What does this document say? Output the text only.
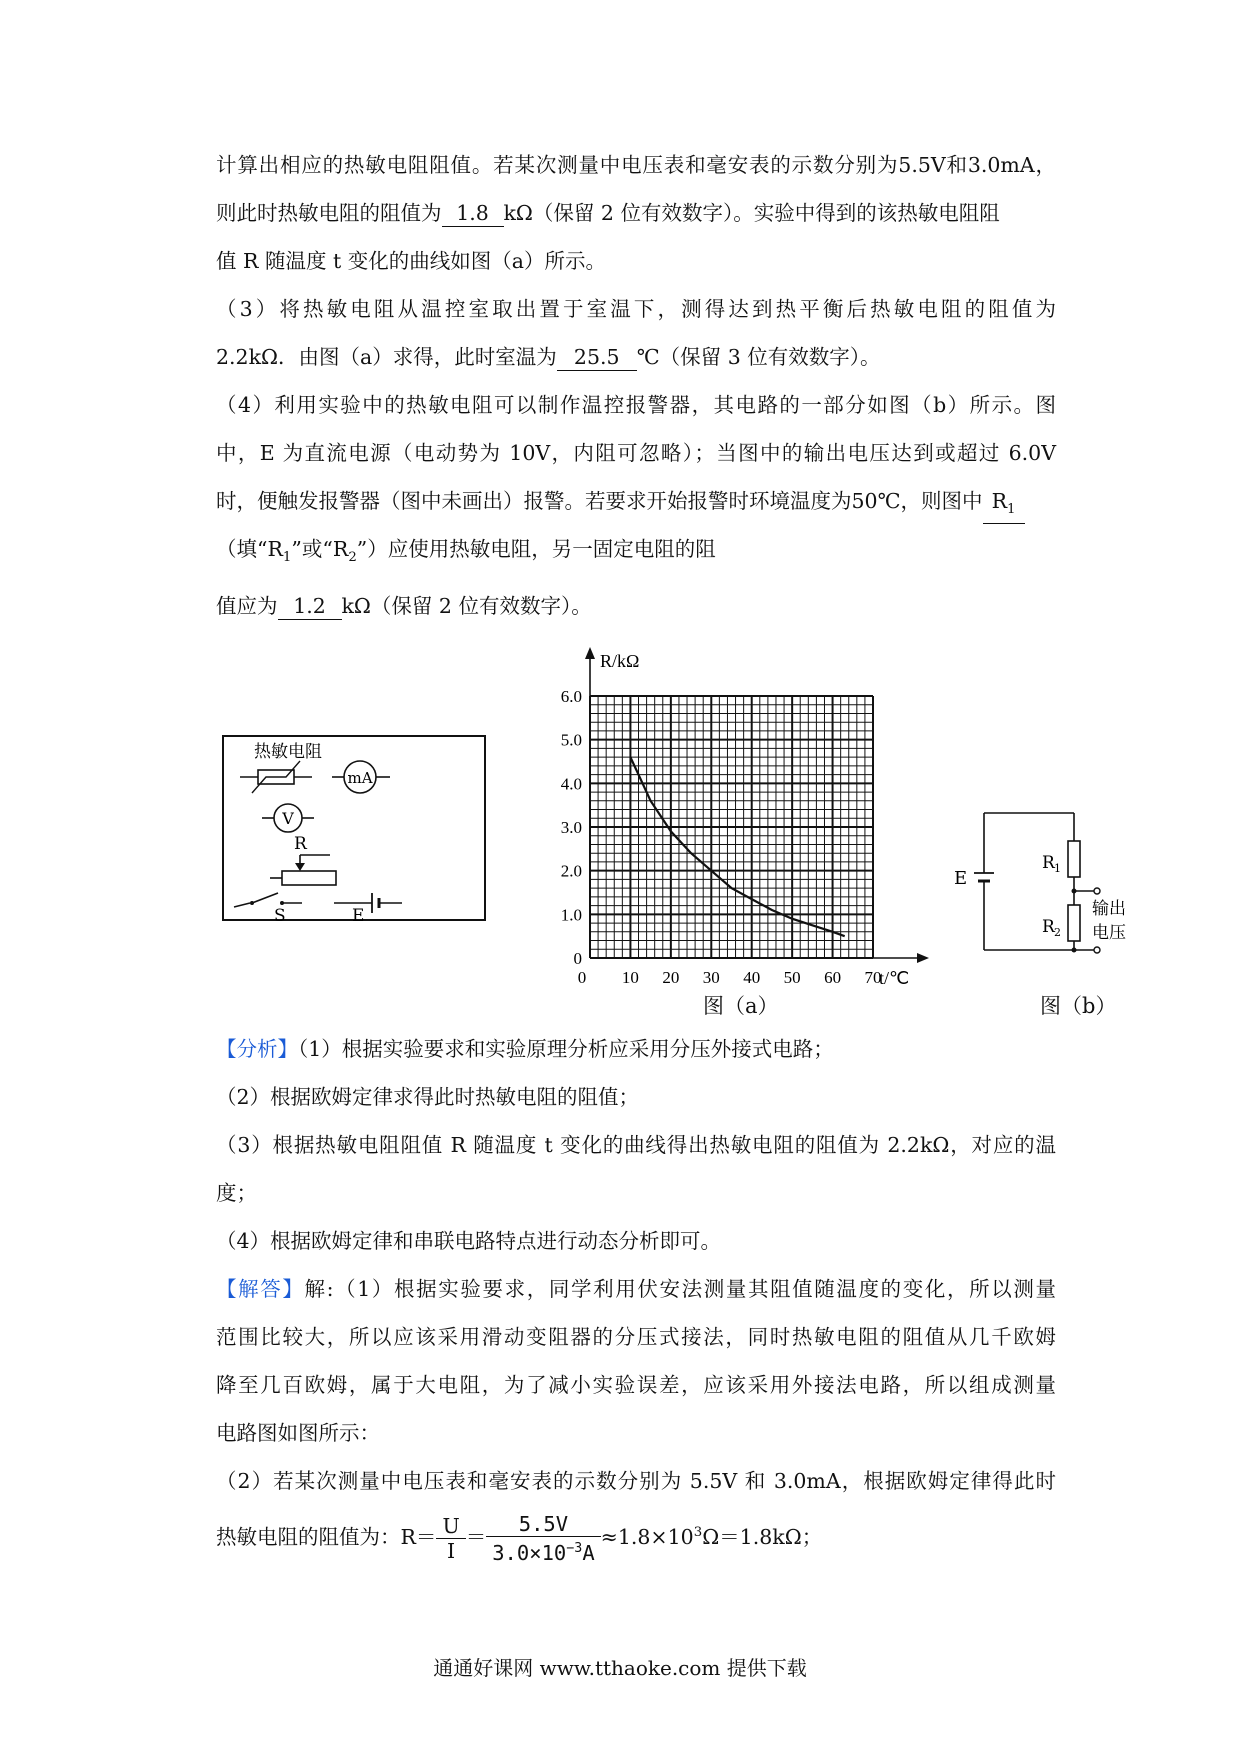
计算出相应的热敏电阻阻值。若某次测量中电压表和毫安表的示数分别为5.5V和3.0mA，

则此时热敏电阻的阻值为 1.8 kΩ（保留 2 位有效数字）。实验中得到的该热敏电阻阻

值 R 随温度 t 变化的曲线如图（a）所示。

（3）将热敏电阻从温控室取出置于室温下，测得达到热平衡后热敏电阻的阻值为

2.2kΩ．由图（a）求得，此时室温为 25.5 ℃（保留 3 位有效数字）。

（4）利用实验中的热敏电阻可以制作温控报警器，其电路的一部分如图（b）所示。图

中，E 为直流电源（电动势为 10V，内阻可忽略）；当图中的输出电压达到或超过 6.0V

时，便触发报警器（图中未画出）报警。若要求开始报警时环境温度为50℃，则图中 $R_1$

（填“$R_1$”或“$R_2$”）应使用热敏电阻，另一固定电阻的阻

值应为 1.2 kΩ（保留 2 位有效数字）。

热敏电阻
mA
V
R
S	E
0 10 20 30 40 50 60 70
0
1.0
2.0
3.0
4.0
5.0
6.0
R/kΩ
t/℃
图（a）
E
R 1
R 2
输出
电压
图（b）

【分析】（1）根据实验要求和实验原理分析应采用分压外接式电路；

（2）根据欧姆定律求得此时热敏电阻的阻值；

（3）根据热敏电阻阻值 R 随温度 t 变化的曲线得出热敏电阻的阻值为 2.2kΩ，对应的温

度；

（4）根据欧姆定律和串联电路特点进行动态分析即可。

【解答】解:（1）根据实验要求，同学利用伏安法测量其阻值随温度的变化，所以测量

范围比较大，所以应该采用滑动变阻器的分压式接法，同时热敏电阻的阻值从几千欧姆

降至几百欧姆，属于大电阻，为了减小实验误差，应该采用外接法电路，所以组成测量

电路图如图所示：

（2）若某次测量中电压表和毫安表的示数分别为 5.5V 和 3.0mA，根据欧姆定律得此时

热敏电阻的阻值为：$R= \frac{U}{I} = \frac{5.5V}{3.0\times 10^{-3}A} \approx 1.8\times 10^3\Omega=1.8k\Omega$；

通通好课网 www.tthaoke.com 提供下载
